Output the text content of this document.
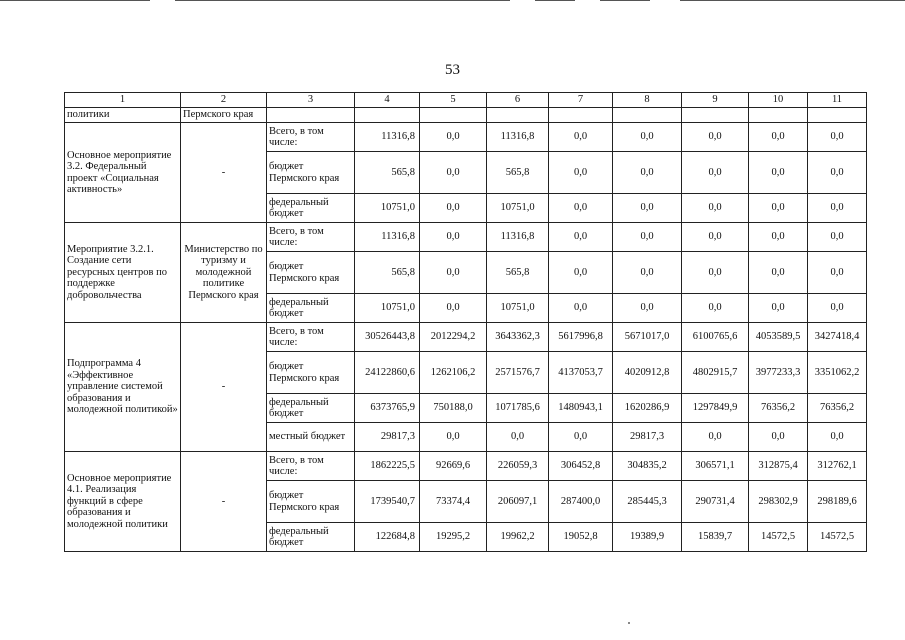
53
1	2	3	4	5	6	7	8	9	10	11
политики	Пермского края									
Основное мероприятие 3.2. Федеральный проект «Социальная активность»	-	Всего, в том числе:	11316,8	0,0	11316,8	0,0	0,0	0,0	0,0	0,0
		бюджет Пермского края	565,8	0,0	565,8	0,0	0,0	0,0	0,0	0,0
		федеральный бюджет	10751,0	0,0	10751,0	0,0	0,0	0,0	0,0	0,0
Мероприятие 3.2.1. Создание сети ресурсных центров по поддержке добровольчества	Министерство по туризму и молодежной политике Пермского края	Всего, в том числе:	11316,8	0,0	11316,8	0,0	0,0	0,0	0,0	0,0
		бюджет Пермского края	565,8	0,0	565,8	0,0	0,0	0,0	0,0	0,0
		федеральный бюджет	10751,0	0,0	10751,0	0,0	0,0	0,0	0,0	0,0
Подпрограмма 4 «Эффективное управление системой образования и молодежной политикой»	-	Всего, в том числе:	30526443,8	2012294,2	3643362,3	5617996,8	5671017,0	6100765,6	4053589,5	3427418,4
		бюджет Пермского края	24122860,6	1262106,2	2571576,7	4137053,7	4020912,8	4802915,7	3977233,3	3351062,2
		федеральный бюджет	6373765,9	750188,0	1071785,6	1480943,1	1620286,9	1297849,9	76356,2	76356,2
		местный бюджет	29817,3	0,0	0,0	0,0	29817,3	0,0	0,0	0,0
Основное мероприятие 4.1. Реализация функций в сфере образования и молодежной политики	-	Всего, в том числе:	1862225,5	92669,6	226059,3	306452,8	304835,2	306571,1	312875,4	312762,1
		бюджет Пермского края	1739540,7	73374,4	206097,1	287400,0	285445,3	290731,4	298302,9	298189,6
		федеральный бюджет	122684,8	19295,2	19962,2	19052,8	19389,9	15839,7	14572,5	14572,5
